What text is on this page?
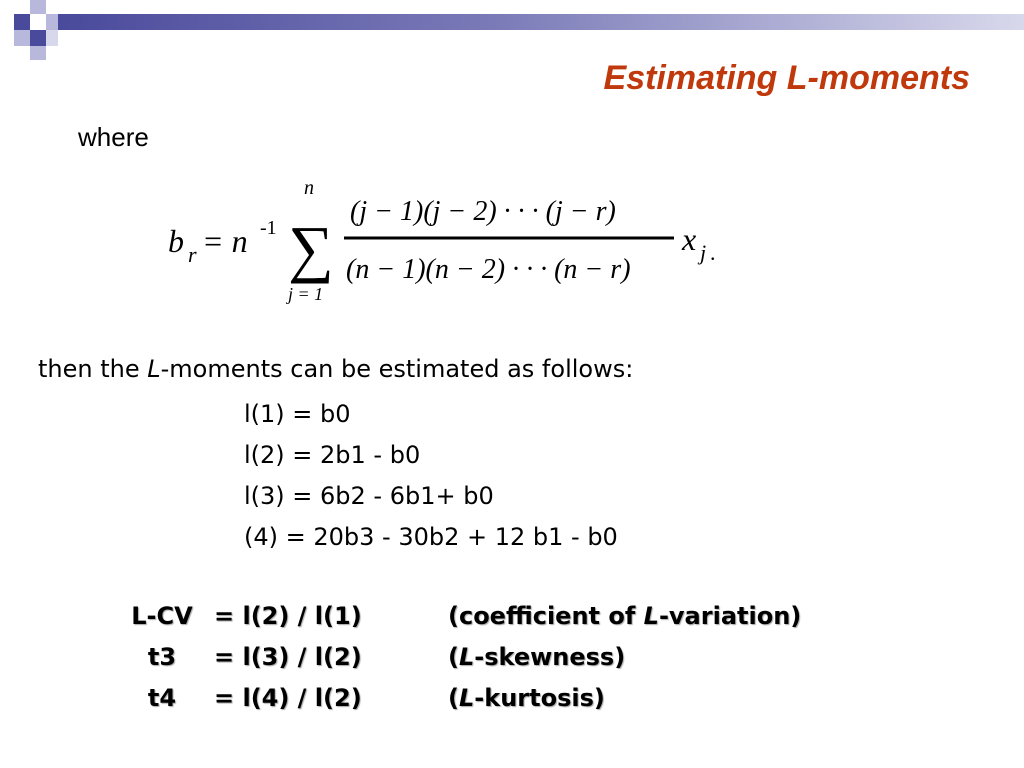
Estimating L-moments
where
b r = n -1
n
∑
j = 1
(j − 1)(j − 2) · · · (j − r)
(n − 1)(n − 2) · · · (n − r)
x j .
then the L-moments can be estimated as follows:
l(1) = b0
l(2) = 2b1 - b0
l(3) = 6b2 - 6b1+ b0
(4) = 20b3 - 30b2 + 12 b1 - b0
L-CV = l(2) / l(1)	(coefficient of L-variation)
t3	= l(3) / l(2)	(L-skewness)
t4	= l(4) / l(2)	(L-kurtosis)
